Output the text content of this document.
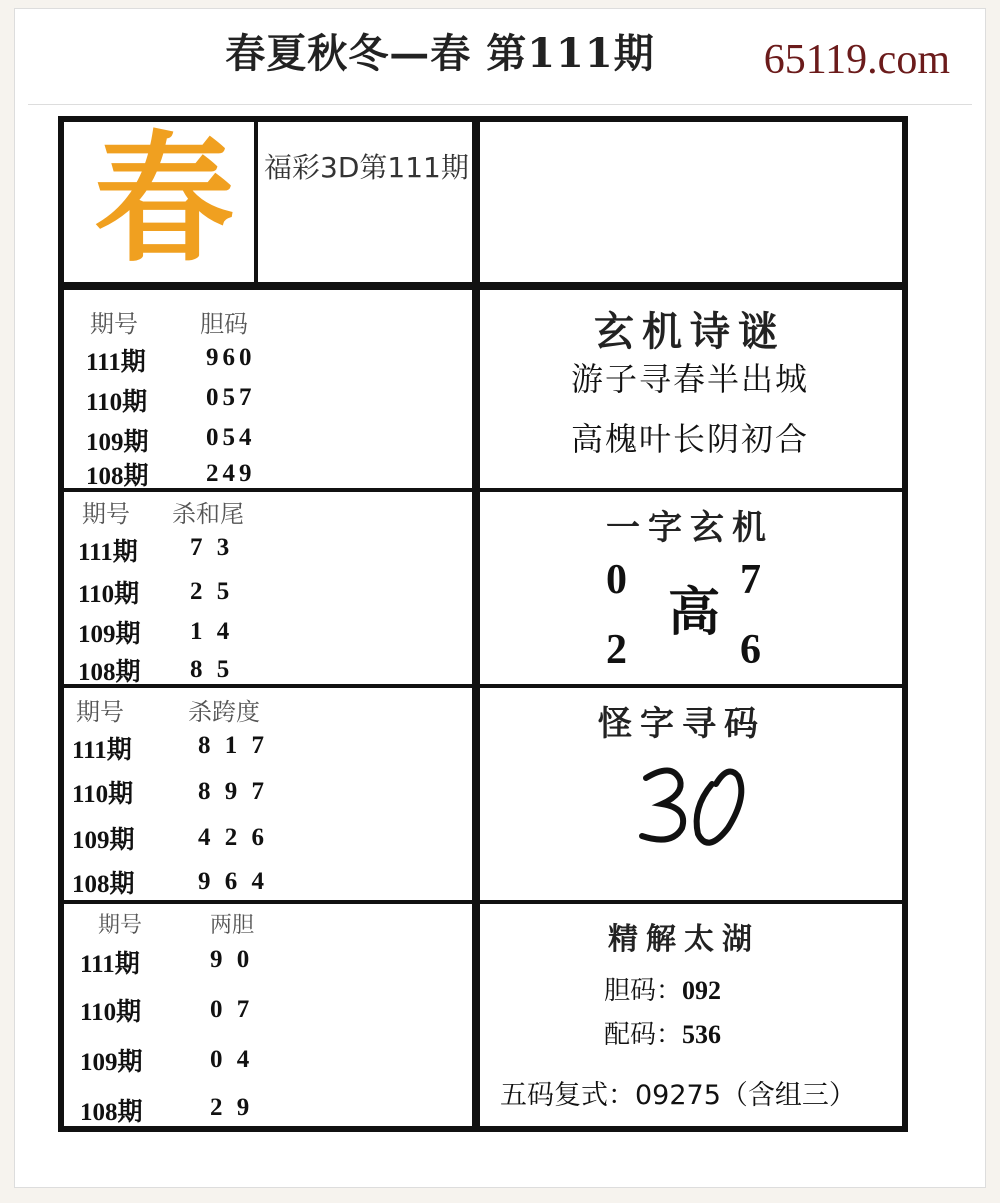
春夏秋冬—春 第111期	65119.com
春 福彩3D第111期
期号	胆码
111期 960
110期 057
109期 054
108期 249
期号 杀和尾
111期 7 3
110期 2 5
109期 1 4
108期 8 5
期号	杀跨度
111期	8 1 7
110期	8 9 7
109期	4 2 6
108期	9 6 4
期号	两胆
111期	9 0
110期	0 7
109期	0 4
108期	2 9
玄机诗谜
游子寻春半出城
高槐叶长阴初合
一字玄机
0	7
高
2	6
怪字寻码
精解太湖
胆码：092
配码：536
五码复式：09275（含组三）
